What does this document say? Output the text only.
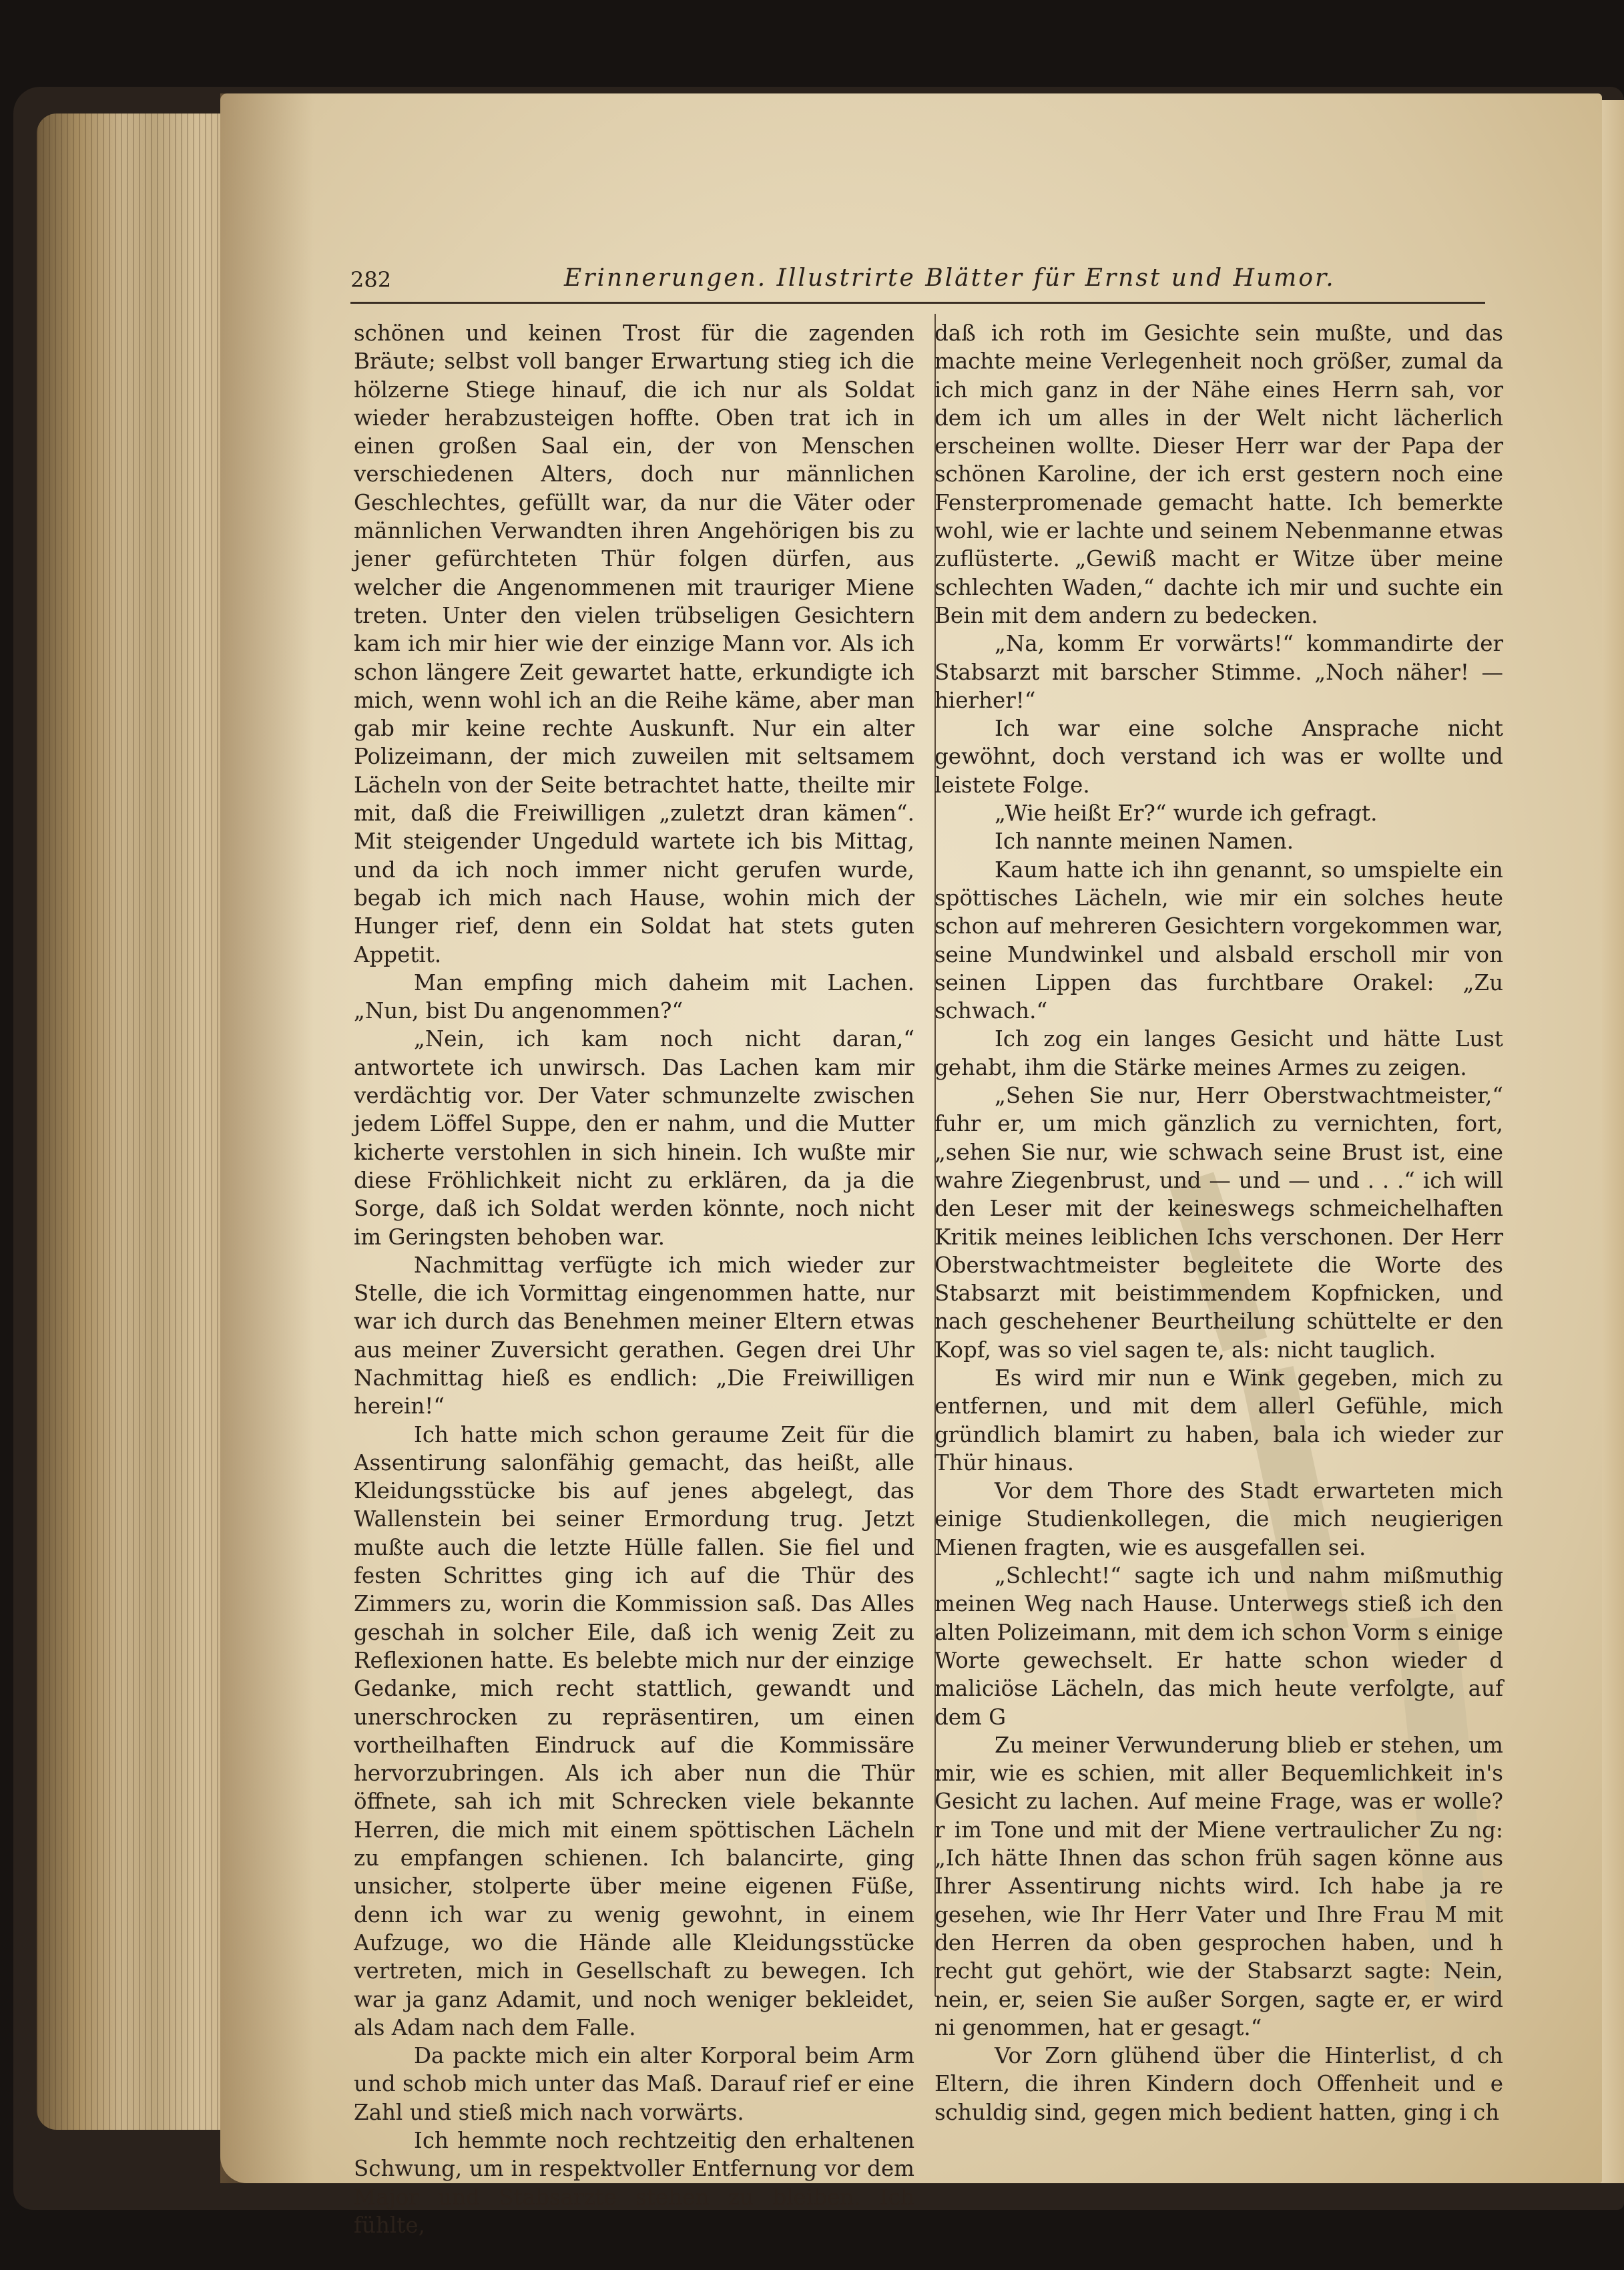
282	Erinnerungen. Illustrirte Blätter für Ernst und Humor.

schönen und keinen Trost für die zagenden Bräute; selbst voll banger Erwartung stieg ich die hölzerne Stiege hinauf, die ich nur als Soldat wieder herabzusteigen hoffte. Oben trat ich in einen großen Saal ein, der von Menschen verschiedenen Alters, doch nur männlichen Geschlechtes, gefüllt war, da nur die Väter oder männlichen Verwandten ihren Angehörigen bis zu jener gefürchteten Thür folgen dürfen, aus welcher die Angenommenen mit trauriger Miene treten. Unter den vielen trübseligen Gesichtern kam ich mir hier wie der einzige Mann vor. Als ich schon längere Zeit gewartet hatte, erkundigte ich mich, wenn wohl ich an die Reihe käme, aber man gab mir keine rechte Auskunft. Nur ein alter Polizeimann, der mich zuweilen mit seltsamem Lächeln von der Seite betrachtet hatte, theilte mir mit, daß die Freiwilligen „zuletzt dran kämen“. Mit steigender Ungeduld wartete ich bis Mittag, und da ich noch immer nicht gerufen wurde, begab ich mich nach Hause, wohin mich der Hunger rief, denn ein Soldat hat stets guten Appetit.

Man empfing mich daheim mit Lachen. „Nun, bist Du angenommen?“

„Nein, ich kam noch nicht daran,“ antwortete ich unwirsch. Das Lachen kam mir verdächtig vor. Der Vater schmunzelte zwischen jedem Löffel Suppe, den er nahm, und die Mutter kicherte verstohlen in sich hinein. Ich wußte mir diese Fröhlichkeit nicht zu erklären, da ja die Sorge, daß ich Soldat werden könnte, noch nicht im Geringsten behoben war.

Nachmittag verfügte ich mich wieder zur Stelle, die ich Vormittag eingenommen hatte, nur war ich durch das Benehmen meiner Eltern etwas aus meiner Zuversicht gerathen. Gegen drei Uhr Nachmittag hieß es endlich: „Die Freiwilligen herein!“

Ich hatte mich schon geraume Zeit für die Assentirung salonfähig gemacht, das heißt, alle Kleidungsstücke bis auf jenes abgelegt, das Wallenstein bei seiner Ermordung trug. Jetzt mußte auch die letzte Hülle fallen. Sie fiel und festen Schrittes ging ich auf die Thür des Zimmers zu, worin die Kommission saß. Das Alles geschah in solcher Eile, daß ich wenig Zeit zu Reflexionen hatte. Es belebte mich nur der einzige Gedanke, mich recht stattlich, gewandt und unerschrocken zu repräsentiren, um einen vortheilhaften Eindruck auf die Kommissäre hervorzubringen. Als ich aber nun die Thür öffnete, sah ich mit Schrecken viele bekannte Herren, die mich mit einem spöttischen Lächeln zu empfangen schienen. Ich balancirte, ging unsicher, stolperte über meine eigenen Füße, denn ich war zu wenig gewohnt, in einem Aufzuge, wo die Hände alle Kleidungsstücke vertreten, mich in Gesellschaft zu bewegen. Ich war ja ganz Adamit, und noch weniger bekleidet, als Adam nach dem Falle.

Da packte mich ein alter Korporal beim Arm und schob mich unter das Maß. Darauf rief er eine Zahl und stieß mich nach vorwärts.

Ich hemmte noch rechtzeitig den erhaltenen Schwung, um in respektvoller Entfernung vor dem Major und Stabsarzte stehen zu bleiben. Ich fühlte,

daß ich roth im Gesichte sein mußte, und das machte meine Verlegenheit noch größer, zumal da ich mich ganz in der Nähe eines Herrn sah, vor dem ich um alles in der Welt nicht lächerlich erscheinen wollte. Dieser Herr war der Papa der schönen Karoline, der ich erst gestern noch eine Fensterpromenade gemacht hatte. Ich bemerkte wohl, wie er lachte und seinem Nebenmanne etwas zuflüsterte. „Gewiß macht er Witze über meine schlechten Waden,“ dachte ich mir und suchte ein Bein mit dem andern zu bedecken.

„Na, komm Er vorwärts!“ kommandirte der Stabsarzt mit barscher Stimme. „Noch näher! — hierher!“

Ich war eine solche Ansprache nicht gewöhnt, doch verstand ich was er wollte und leistete Folge.

„Wie heißt Er?“ wurde ich gefragt.

Ich nannte meinen Namen.

Kaum hatte ich ihn genannt, so umspielte ein spöttisches Lächeln, wie mir ein solches heute schon auf mehreren Gesichtern vorgekommen war, seine Mundwinkel und alsbald erscholl mir von seinen Lippen das furchtbare Orakel: „Zu schwach.“

Ich zog ein langes Gesicht und hätte Lust gehabt, ihm die Stärke meines Armes zu zeigen.

„Sehen Sie nur, Herr Oberstwachtmeister,“ fuhr er, um mich gänzlich zu vernichten, fort, „sehen Sie nur, wie schwach seine Brust ist, eine wahre Ziegenbrust, und — und — und . . .“ ich will den Leser mit der keineswegs schmeichelhaften Kritik meines leiblichen Ichs verschonen. Der Herr Oberstwachtmeister begleitete die Worte des Stabsarzt mit beistimmendem Kopfnicken, und nach geschehener Beurtheilung schüttelte er den Kopf, was so viel sagen te, als: nicht tauglich.

Es wird mir nun e Wink gegeben, mich zu entfernen, und mit dem allerl Gefühle, mich gründlich blamirt zu haben, bala ich wieder zur Thür hinaus.

Vor dem Thore des Stadt erwarteten mich einige Studienkollegen, die mich neugierigen Mienen fragten, wie es ausgefallen sei.

„Schlecht!“ sagte ich und nahm mißmuthig meinen Weg nach Hause. Unterwegs stieß ich den alten Polizeimann, mit dem ich schon Vorm s einige Worte gewechselt. Er hatte schon wieder d maliciöse Lächeln, das mich heute verfolgte, auf dem G

Zu meiner Verwunderung blieb er stehen, um mir, wie es schien, mit aller Bequemlichkeit in's Gesicht zu lachen. Auf meine Frage, was er wolle? r im Tone und mit der Miene vertraulicher Zu ng: „Ich hätte Ihnen das schon früh sagen könne aus Ihrer Assentirung nichts wird. Ich habe ja re gesehen, wie Ihr Herr Vater und Ihre Frau M mit den Herren da oben gesprochen haben, und h recht gut gehört, wie der Stabsarzt sagte: Nein, nein, er, seien Sie außer Sorgen, sagte er, er wird ni genommen, hat er gesagt.“

Vor Zorn glühend über die Hinterlist, d ch Eltern, die ihren Kindern doch Offenheit und e schuldig sind, gegen mich bedient hatten, ging i ch
